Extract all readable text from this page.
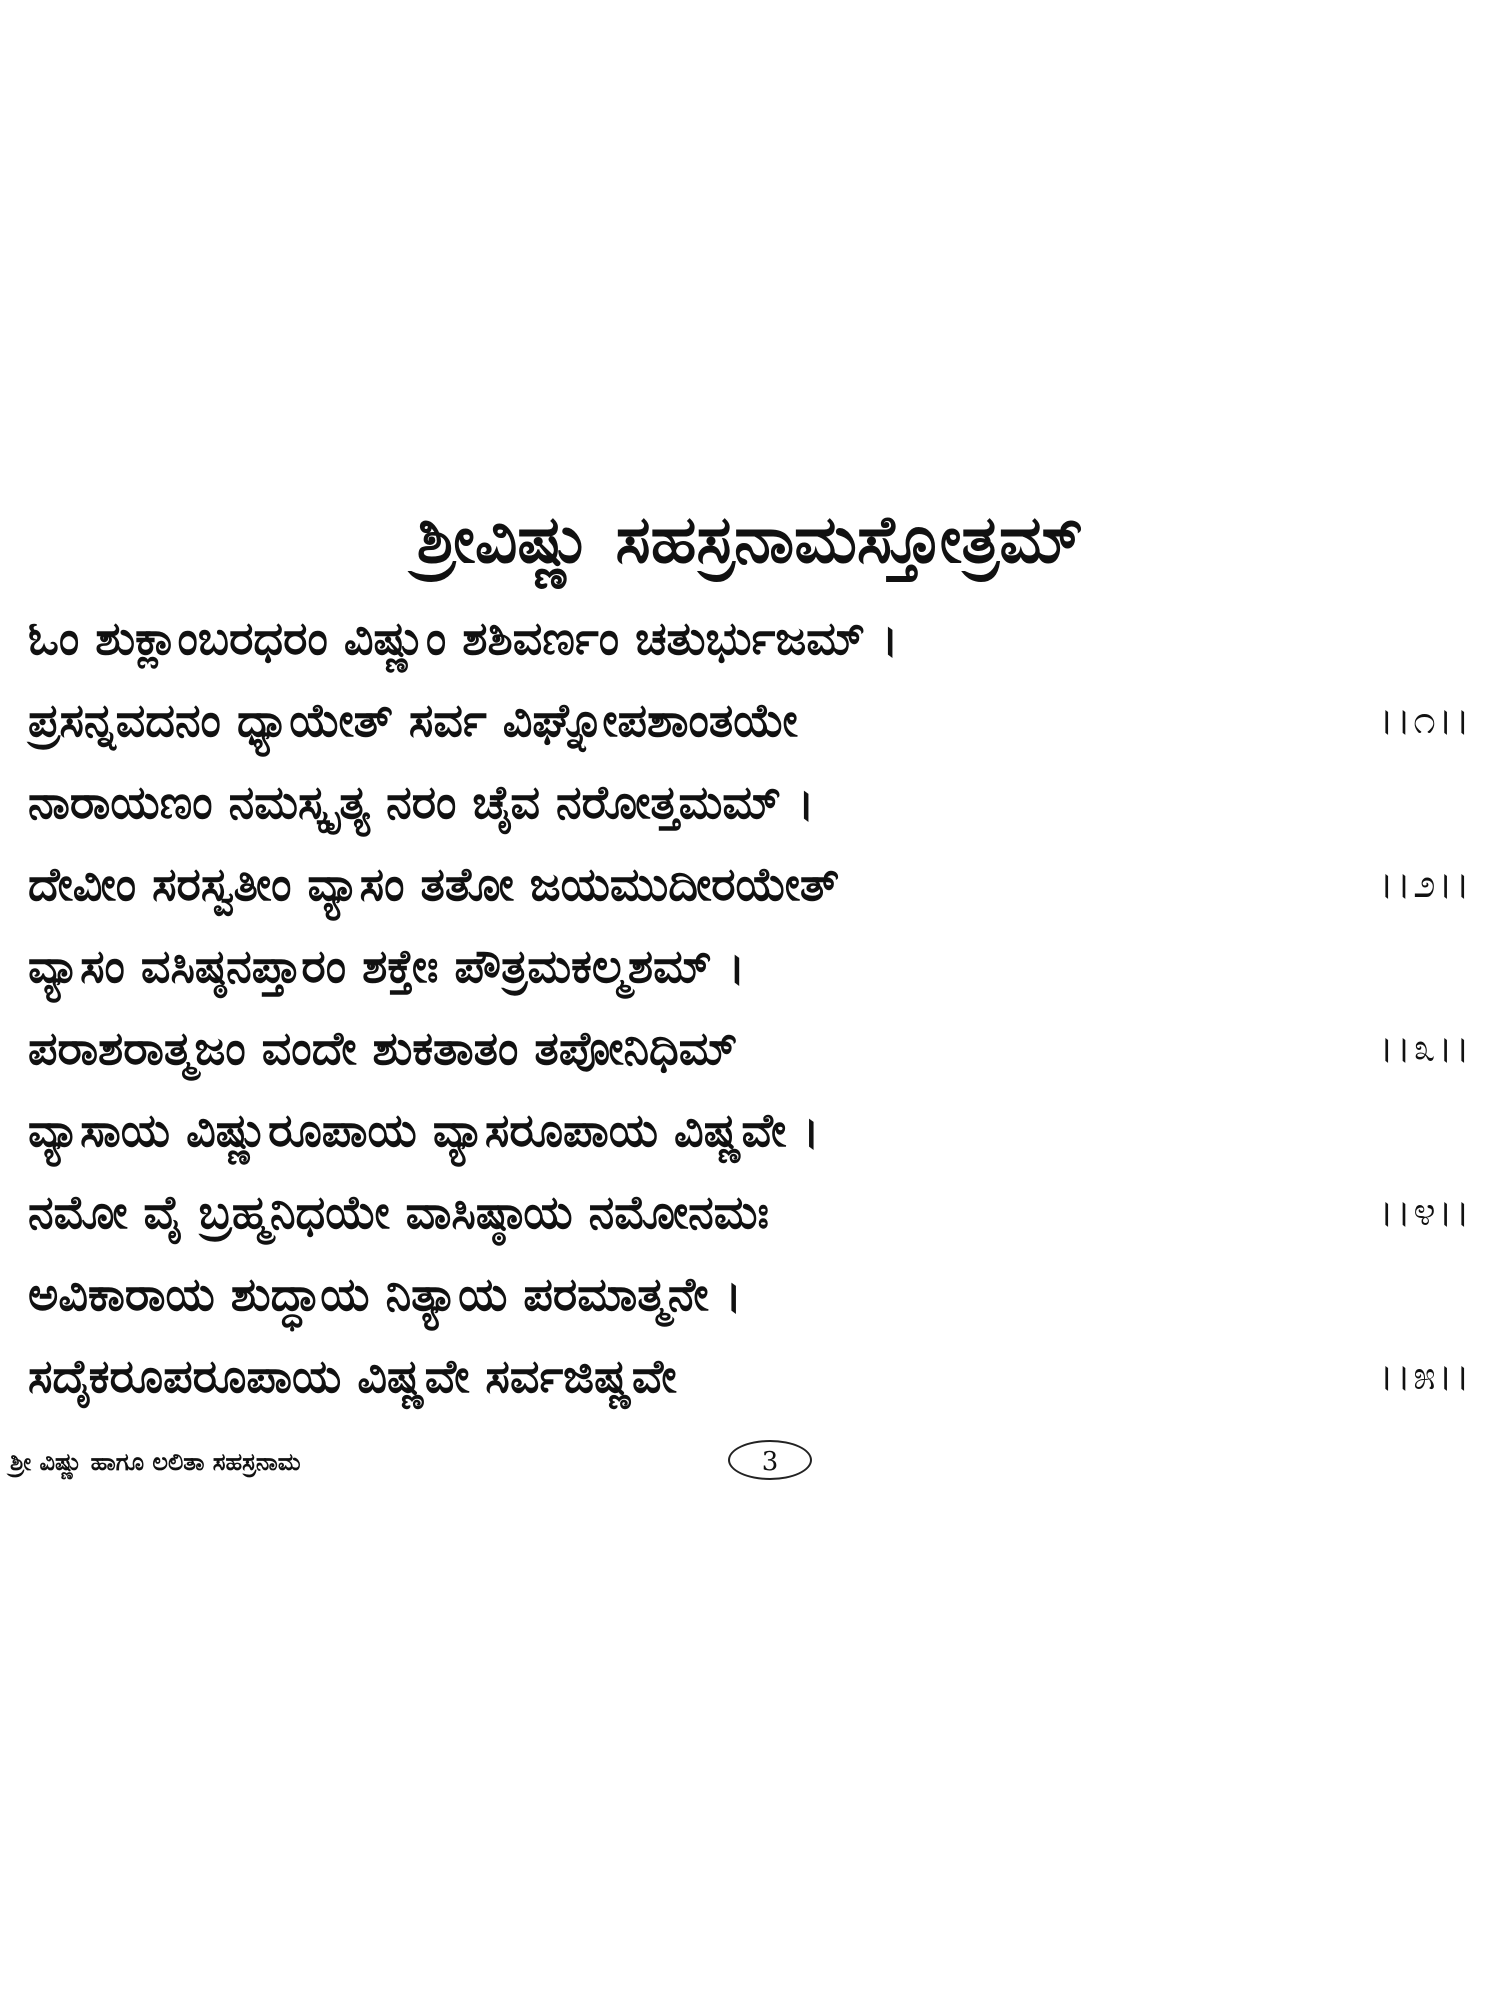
ಶ್ರೀವಿಷ್ಣು ಸಹಸ್ರನಾಮಸ್ತೋತ್ರಮ್
ಓಂ ಶುಕ್ಲಾಂಬರಧರಂ ವಿಷ್ಣುಂ ಶಶಿವರ್ಣಂ ಚತುರ್ಭುಜಮ್ ।
ಪ್ರಸನ್ನವದನಂ ಧ್ಯಾಯೇತ್ ಸರ್ವ ವಿಘ್ನೋಪಶಾಂತಯೇ	।।೧।।
ನಾರಾಯಣಂ ನಮಸ್ಕೃತ್ಯ ನರಂ ಚೈವ ನರೋತ್ತಮಮ್ ।
ದೇವೀಂ ಸರಸ್ವತೀಂ ವ್ಯಾಸಂ ತತೋ ಜಯಮುದೀರಯೇತ್	।।೨।।
ವ್ಯಾಸಂ ವಸಿಷ್ಠನಪ್ತಾರಂ ಶಕ್ತೇಃ ಪೌತ್ರಮಕಲ್ಮಶಮ್ ।
ಪರಾಶರಾತ್ಮಜಂ ವಂದೇ ಶುಕತಾತಂ ತಪೋನಿಧಿಮ್	।।೩।।
ವ್ಯಾಸಾಯ ವಿಷ್ಣುರೂಪಾಯ ವ್ಯಾಸರೂಪಾಯ ವಿಷ್ಣವೇ ।
ನಮೋ ವೈ ಬ್ರಹ್ಮನಿಧಯೇ ವಾಸಿಷ್ಠಾಯ ನಮೋನಮಃ	।।೪।।
ಅವಿಕಾರಾಯ ಶುದ್ಧಾಯ ನಿತ್ಯಾಯ ಪರಮಾತ್ಮನೇ ।
ಸದೈಕರೂಪರೂಪಾಯ ವಿಷ್ಣವೇ ಸರ್ವಜಿಷ್ಣವೇ	।।೫।।
ಶ್ರೀ ವಿಷ್ಣು ಹಾಗೂ ಲಲಿತಾ ಸಹಸ್ರನಾಮ	3
